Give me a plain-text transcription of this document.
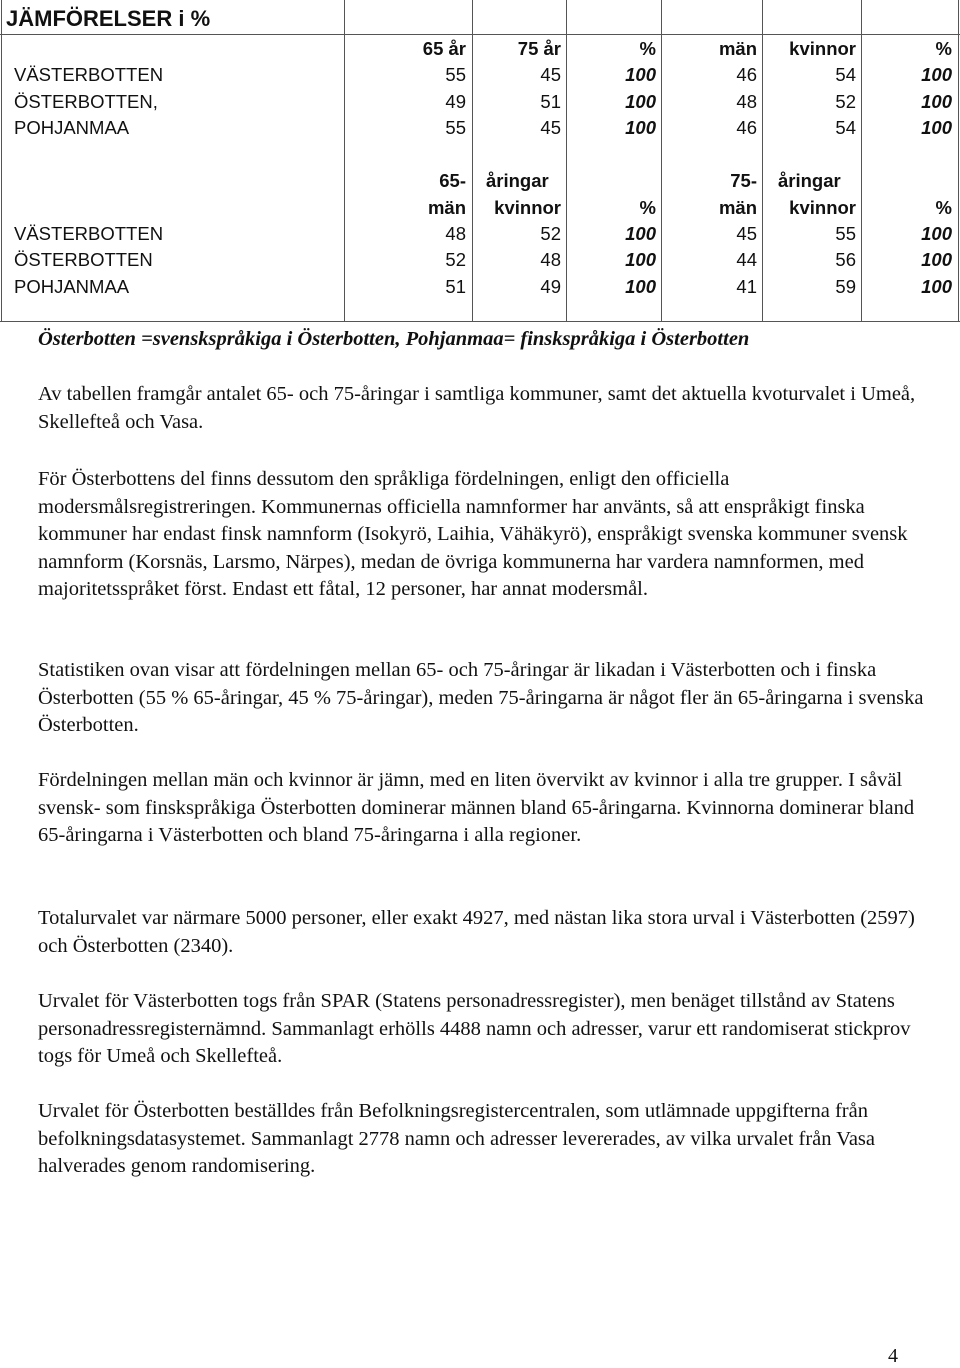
JÄMFÖRELSER i %
65 år	75 år	%	män	kvinnor	%
VÄSTERBOTTEN	55	45	100	46	54	100
ÖSTERBOTTEN,	49	51	100	48	52	100
POHJANMAA	55	45	100	46	54	100
65- åringar	75- åringar
män	kvinnor	%	män	kvinnor	%
VÄSTERBOTTEN	48	52	100	45	55	100
ÖSTERBOTTEN	52	48	100	44	56	100
POHJANMAA	51	49	100	41	59	100
Österbotten =svenskspråkiga i Österbotten, Pohjanmaa= finskspråkiga i Österbotten

Av tabellen framgår antalet 65- och 75-åringar i samtliga kommuner, samt det aktuella kvoturvalet i Umeå, Skellefteå och Vasa.

För Österbottens del finns dessutom den språkliga fördelningen, enligt den officiella modersmålsregistreringen. Kommunernas officiella namnformer har använts, så att enspråkigt finska kommuner har endast finsk namnform (Isokyrö, Laihia, Vähäkyrö), enspråkigt svenska kommuner svensk namnform (Korsnäs, Larsmo, Närpes), medan de övriga kommunerna har vardera namnformen, med majoritetsspråket först. Endast ett fåtal, 12 personer, har annat modersmål.

Statistiken ovan visar att fördelningen mellan 65- och 75-åringar är likadan i Västerbotten och i finska Österbotten (55 % 65-åringar, 45 % 75-åringar), meden 75-åringarna är något fler än 65-åringarna i svenska Österbotten.

Fördelningen mellan män och kvinnor är jämn, med en liten övervikt av kvinnor i alla tre grupper. I såväl svensk- som finskspråkiga Österbotten dominerar männen bland 65-åringarna. Kvinnorna dominerar bland 65-åringarna i Västerbotten och bland 75-åringarna i alla regioner.

Totalurvalet var närmare 5000 personer, eller exakt 4927, med nästan lika stora urval i Västerbotten (2597) och Österbotten (2340).

Urvalet för Västerbotten togs från SPAR (Statens personadressregister), men benäget tillstånd av Statens personadressregisternämnd. Sammanlagt erhölls 4488 namn och adresser, varur ett randomiserat stickprov togs för Umeå och Skellefteå.

Urvalet för Österbotten beställdes från Befolkningsregistercentralen, som utlämnade uppgifterna från befolkningsdatasystemet. Sammanlagt 2778 namn och adresser levererades, av vilka urvalet från Vasa halverades genom randomisering.

4
